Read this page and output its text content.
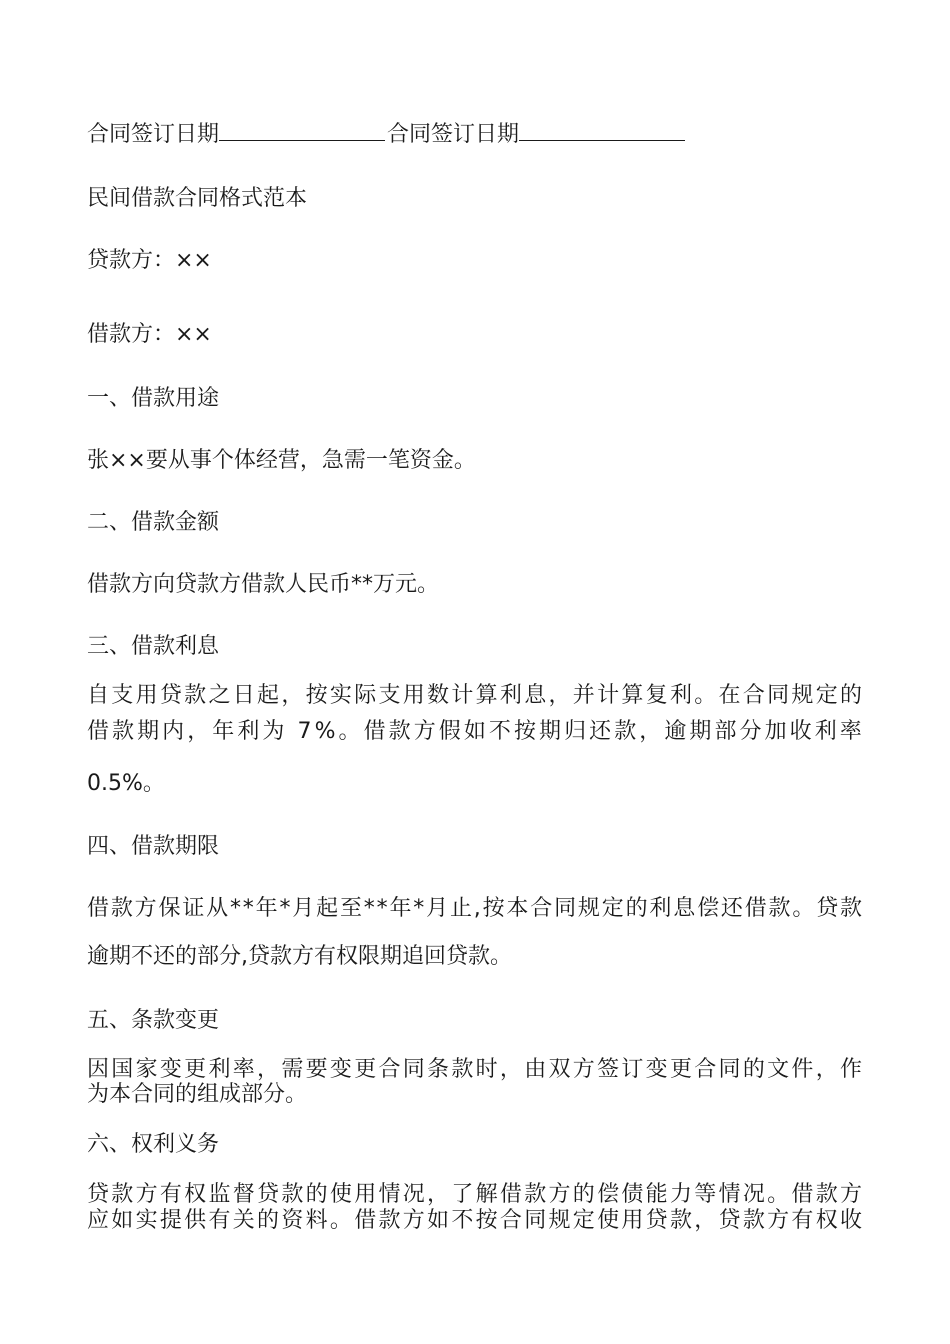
合同签订日期	合同签订日期

民间借款合同格式范本

贷款方：××

借款方：××

一、借款用途

张××要从事个体经营，急需一笔资金。

二、借款金额

借款方向贷款方借款人民币**万元。

三、借款利息

自支用贷款之日起，按实际支用数计算利息，并计算复利。在合同规定的

借款期内，年利为 7%。借款方假如不按期归还款，逾期部分加收利率

0.5%。

四、借款期限

借款方保证从**年*月起至**年*月止,按本合同规定的利息偿还借款。贷款

逾期不还的部分,贷款方有权限期追回贷款。

五、条款变更

因国家变更利率，需要变更合同条款时，由双方签订变更合同的文件，作

为本合同的组成部分。

六、权利义务

贷款方有权监督贷款的使用情况，了解借款方的偿债能力等情况。借款方

应如实提供有关的资料。借款方如不按合同规定使用贷款，贷款方有权收
